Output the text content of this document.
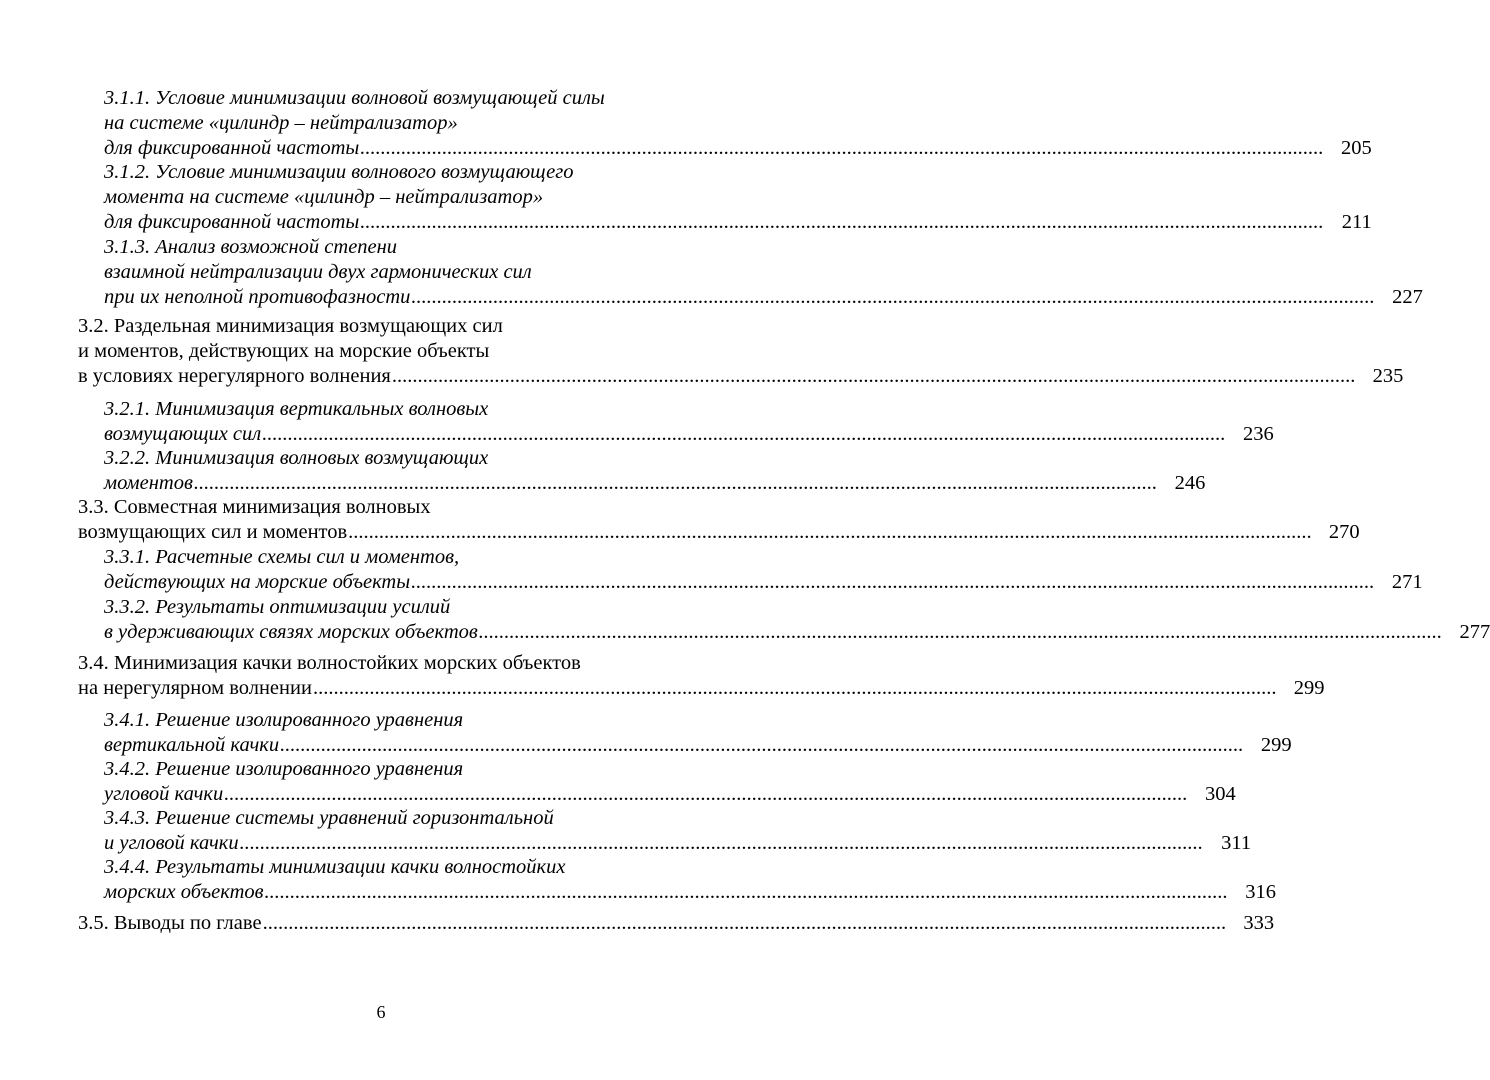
3.1.1. Условие минимизации волновой возмущающей силы
на системе «цилиндр – нейтрализатор»
для фиксированной частоты .....	205
3.1.2. Условие минимизации волнового возмущающего
момента на системе «цилиндр – нейтрализатор»
для фиксированной частоты .....	211
3.1.3. Анализ возможной степени
взаимной нейтрализации двух гармонических сил
при их неполной противофазности .....	227
3.2. Раздельная минимизация возмущающих сил
и моментов, действующих на морские объекты
в условиях нерегулярного волнения .....	235
3.2.1. Минимизация вертикальных волновых
возмущающих сил .....	236
3.2.2. Минимизация волновых возмущающих
моментов .....	246
3.3. Совместная минимизация волновых
возмущающих сил и моментов .....	270
3.3.1. Расчетные схемы сил и моментов,
действующих на морские объекты .....	271
3.3.2. Результаты оптимизации усилий
в удерживающих связях морских объектов .....	277
3.4. Минимизация качки волностойких морских объектов
на нерегулярном волнении .....	299
3.4.1. Решение изолированного уравнения
вертикальной качки .....	299
3.4.2. Решение изолированного уравнения
угловой качки .....	304
3.4.3. Решение системы уравнений горизонтальной
и угловой качки .....	311
3.4.4. Результаты минимизации качки волностойких
морских объектов .....	316
3.5. Выводы по главе .....	333
6
